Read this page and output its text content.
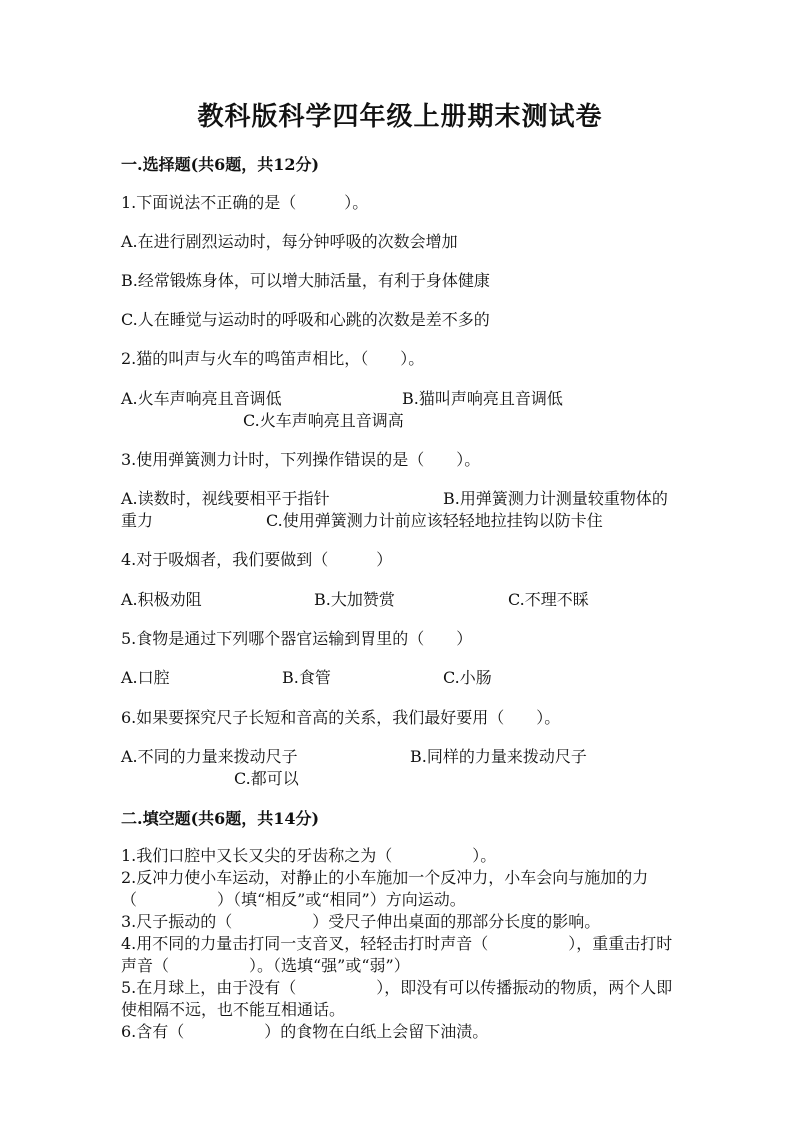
教科版科学四年级上册期末测试卷
一.选择题(共6题，共12分)
1.下面说法不正确的是（　　　）。
A.在进行剧烈运动时，每分钟呼吸的次数会增加
B.经常锻炼身体，可以增大肺活量，有利于身体健康
C.人在睡觉与运动时的呼吸和心跳的次数是差不多的
2.猫的叫声与火车的鸣笛声相比，（　　）。
A.火车声响亮且音调低	B.猫叫声响亮且音调低
C.火车声响亮且音调高
3.使用弹簧测力计时，下列操作错误的是（　　）。
A.读数时，视线要相平于指针	B.用弹簧测力计测量较重物体的
重力	C.使用弹簧测力计前应该轻轻地拉挂钩以防卡住
4.对于吸烟者，我们要做到（　　　）
A.积极劝阻	B.大加赞赏	C.不理不睬
5.食物是通过下列哪个器官运输到胃里的（　　）
A.口腔	B.食管	C.小肠
6.如果要探究尺子长短和音高的关系，我们最好要用（　　）。
A.不同的力量来拨动尺子	B.同样的力量来拨动尺子
C.都可以
二.填空题(共6题，共14分)
1.我们口腔中又长又尖的牙齿称之为（　　　　　）。
2.反冲力使小车运动，对静止的小车施加一个反冲力，小车会向与施加的力
（　　　　　）（填“相反”或“相同”）方向运动。
3.尺子振动的（　　　　　）受尺子伸出桌面的那部分长度的影响。
4.用不同的力量击打同一支音叉，轻轻击打时声音（　　　　　），重重击打时
声音（　　　　　）。（选填“强”或“弱”）
5.在月球上，由于没有（　　　　　），即没有可以传播振动的物质，两个人即
使相隔不远，也不能互相通话。
6.含有（　　　　　）的食物在白纸上会留下油渍。
